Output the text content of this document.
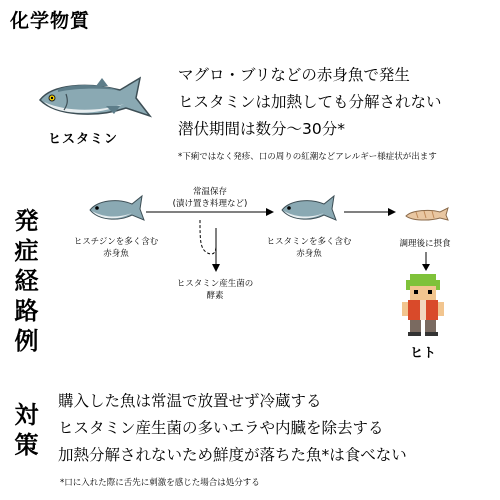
化学物質
ヒスタミン
マグロ・ブリなどの赤身魚で発生
ヒスタミンは加熱しても分解されない
潜伏期間は数分〜30分*
*下痢ではなく発疹、口の周りの紅潮などアレルギー様症状が出ます
発症経路例	ヒスチジンを多く含む
赤身魚
常温保存
(漬け置き料理など)
ヒスタミン産生菌の
酵素
ヒスタミンを多く含む
赤身魚
調理後に摂食
ヒト
対策
購入した魚は常温で放置せず冷蔵する
ヒスタミン産生菌の多いエラや内臓を除去する
加熱分解されないため鮮度が落ちた魚*は食べない
*口に入れた際に舌先に刺激を感じた場合は処分する
